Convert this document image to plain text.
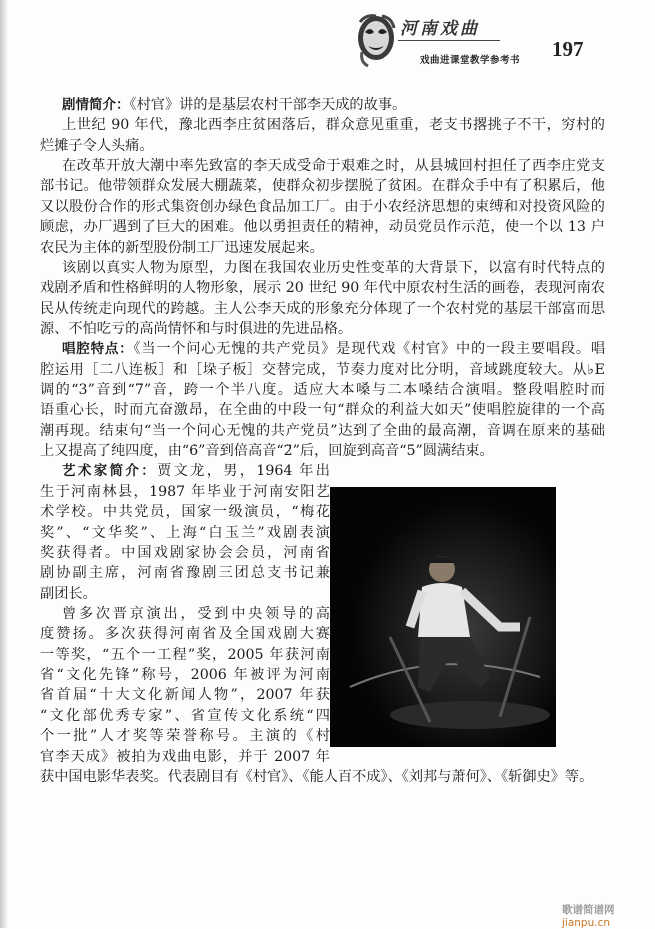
河南戏曲
戏曲进课堂教学参考书 197
剧情简介：《村官》讲的是基层农村干部李天成的故事。
上世纪 90 年代，豫北西李庄贫困落后，群众意见重重，老支书撂挑子不干，穷村的
烂摊子令人头痛。
在改革开放大潮中率先致富的李天成受命于艰难之时，从县城回村担任了西李庄党支
部书记。他带领群众发展大棚蔬菜，使群众初步摆脱了贫困。在群众手中有了积累后，他
又以股份合作的形式集资创办绿色食品加工厂。由于小农经济思想的束缚和对投资风险的
顾虑，办厂遇到了巨大的困难。他以勇担责任的精神，动员党员作示范，使一个以 13 户
农民为主体的新型股份制工厂迅速发展起来。
该剧以真实人物为原型，力图在我国农业历史性变革的大背景下，以富有时代特点的
戏剧矛盾和性格鲜明的人物形象，展示 20 世纪 90 年代中原农村生活的画卷，表现河南农
民从传统走向现代的跨越。主人公李天成的形象充分体现了一个农村党的基层干部富而思
源、不怕吃亏的高尚情怀和与时俱进的先进品格。
唱腔特点：《当一个问心无愧的共产党员》是现代戏《村官》中的一段主要唱段。唱
腔运用［二八连板］和［垛子板］交替完成，节奏力度对比分明，音域跳度较大。从♭E
调的“3”音到“7̇”音，跨一个半八度。适应大本嗓与二本嗓结合演唱。整段唱腔时而
语重心长，时而亢奋激昂，在全曲的中段一句“群众的利益大如天”使唱腔旋律的一个高
潮再现。结束句“当一个问心无愧的共产党员”达到了全曲的最高潮，音调在原来的基础
上又提高了纯四度，由“6̇”音到倍高音“2̈”后，回旋到高音“5̇”圆满结束。
艺术家简介：贾文龙，男，1964 年出
生于河南林县，1987 年毕业于河南安阳艺
术学校。中共党员，国家一级演员，“梅花
奖”、“文华奖”、上海“白玉兰”戏剧表演
奖获得者。中国戏剧家协会会员，河南省
剧协副主席，河南省豫剧三团总支书记兼
副团长。
曾多次晋京演出，受到中央领导的高
度赞扬。多次获得河南省及全国戏剧大赛
一等奖，“五个一工程”奖，2005 年获河南
省“文化先锋”称号，2006 年被评为河南
省首届“十大文化新闻人物”，2007 年获
“文化部优秀专家”、省宣传文化系统“四
个一批”人才奖等荣誉称号。主演的《村
官李天成》被拍为戏曲电影，并于 2007 年
获中国电影华表奖。代表剧目有《村官》、《能人百不成》、《刘邦与萧何》、《斩御史》等。
歌谱简谱网 jianpu.cn
